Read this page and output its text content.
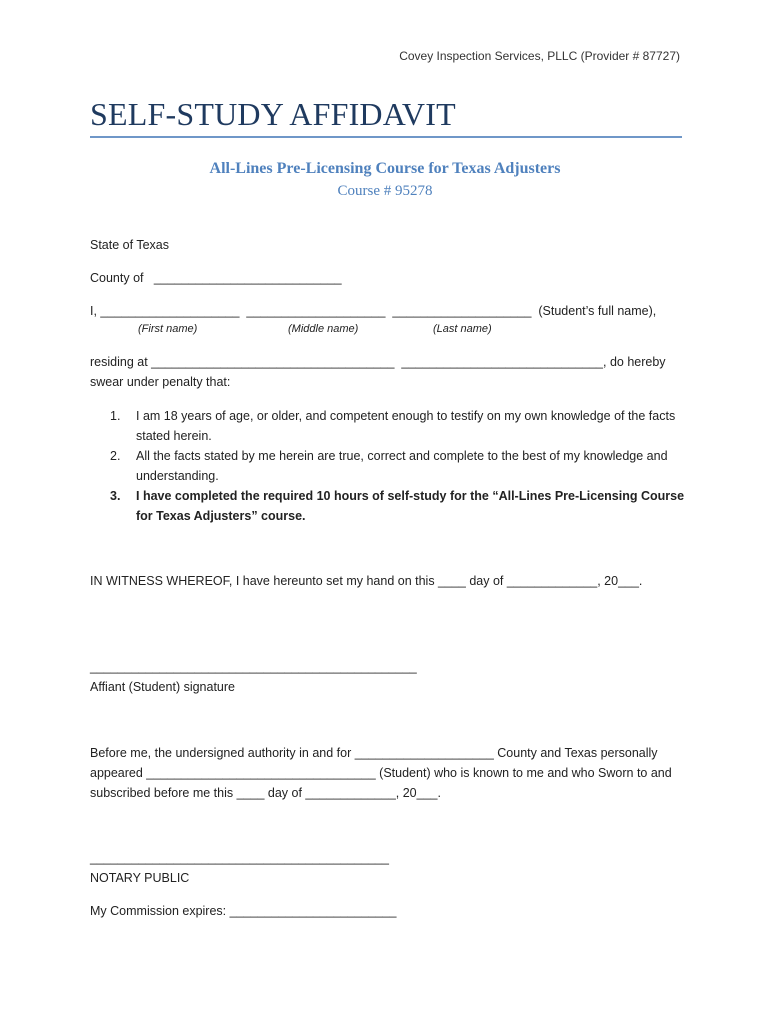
Covey Inspection Services, PLLC (Provider # 87727)
SELF-STUDY AFFIDAVIT
All-Lines Pre-Licensing Course for Texas Adjusters
Course # 95278
State of Texas
County of   ___________________________
I, ____________________  ____________________  ____________________  (Student’s full name),
(First name)	(Middle name)	(Last name)
residing at ___________________________________  _____________________________, do hereby
swear under penalty that:
1. I am 18 years of age, or older, and competent enough to testify on my own knowledge of the facts stated herein.
2. All the facts stated by me herein are true, correct and complete to the best of my knowledge and understanding.
3. I have completed the required 10 hours of self-study for the “All-Lines Pre-Licensing Course for Texas Adjusters” course.
IN WITNESS WHEREOF, I have hereunto set my hand on this ____ day of _____________, 20___.
_______________________________________________
Affiant (Student) signature
Before me, the undersigned authority in and for ____________________ County and Texas personally appeared _________________________________ (Student) who is known to me and who Sworn to and subscribed before me this ____ day of _____________, 20___.
___________________________________________
NOTARY PUBLIC
My Commission expires: ________________________
